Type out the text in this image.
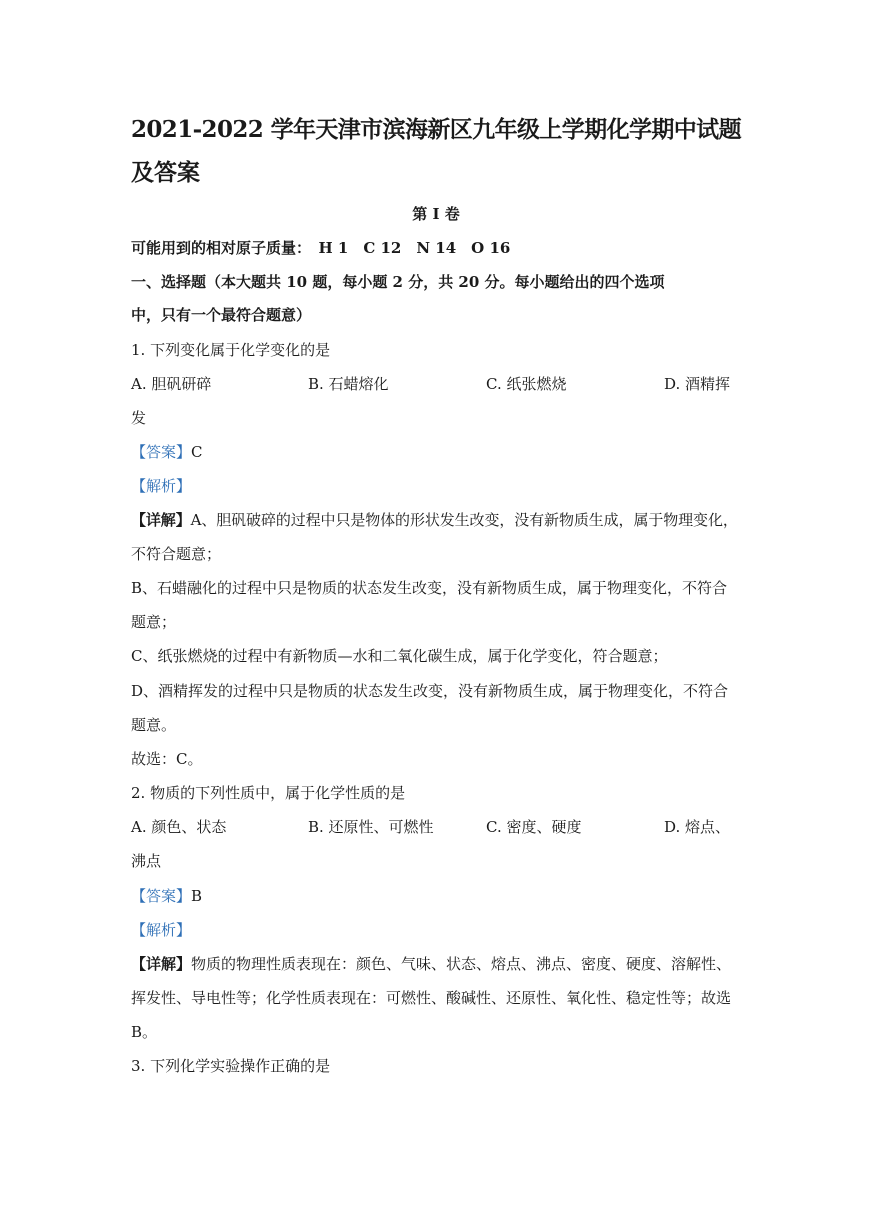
2021-2022 学年天津市滨海新区九年级上学期化学期中试题
及答案
第 I 卷
可能用到的相对原子质量：　H 1　C 12　N 14　O 16
一、选择题（本大题共 10 题，每小题 2 分，共 20 分。每小题给出的四个选项
中，只有一个最符合题意）
1. 下列变化属于化学变化的是
A. 胆矾研碎	B. 石蜡熔化	C. 纸张燃烧	D. 酒精挥
发
【答案】C
【解析】
【详解】A、胆矾破碎的过程中只是物体的形状发生改变，没有新物质生成，属于物理变化，
不符合题意；
B、石蜡融化的过程中只是物质的状态发生改变，没有新物质生成，属于物理变化，不符合
题意；
C、纸张燃烧的过程中有新物质—水和二氧化碳生成，属于化学变化，符合题意；
D、酒精挥发的过程中只是物质的状态发生改变，没有新物质生成，属于物理变化，不符合
题意。
故选：C。
2. 物质的下列性质中，属于化学性质的是
A. 颜色、状态	B. 还原性、可燃性	C. 密度、硬度	D. 熔点、
沸点
【答案】B
【解析】
【详解】物质的物理性质表现在：颜色、气味、状态、熔点、沸点、密度、硬度、溶解性、
挥发性、导电性等；化学性质表现在：可燃性、酸碱性、还原性、氧化性、稳定性等；故选
B。
3. 下列化学实验操作正确的是
